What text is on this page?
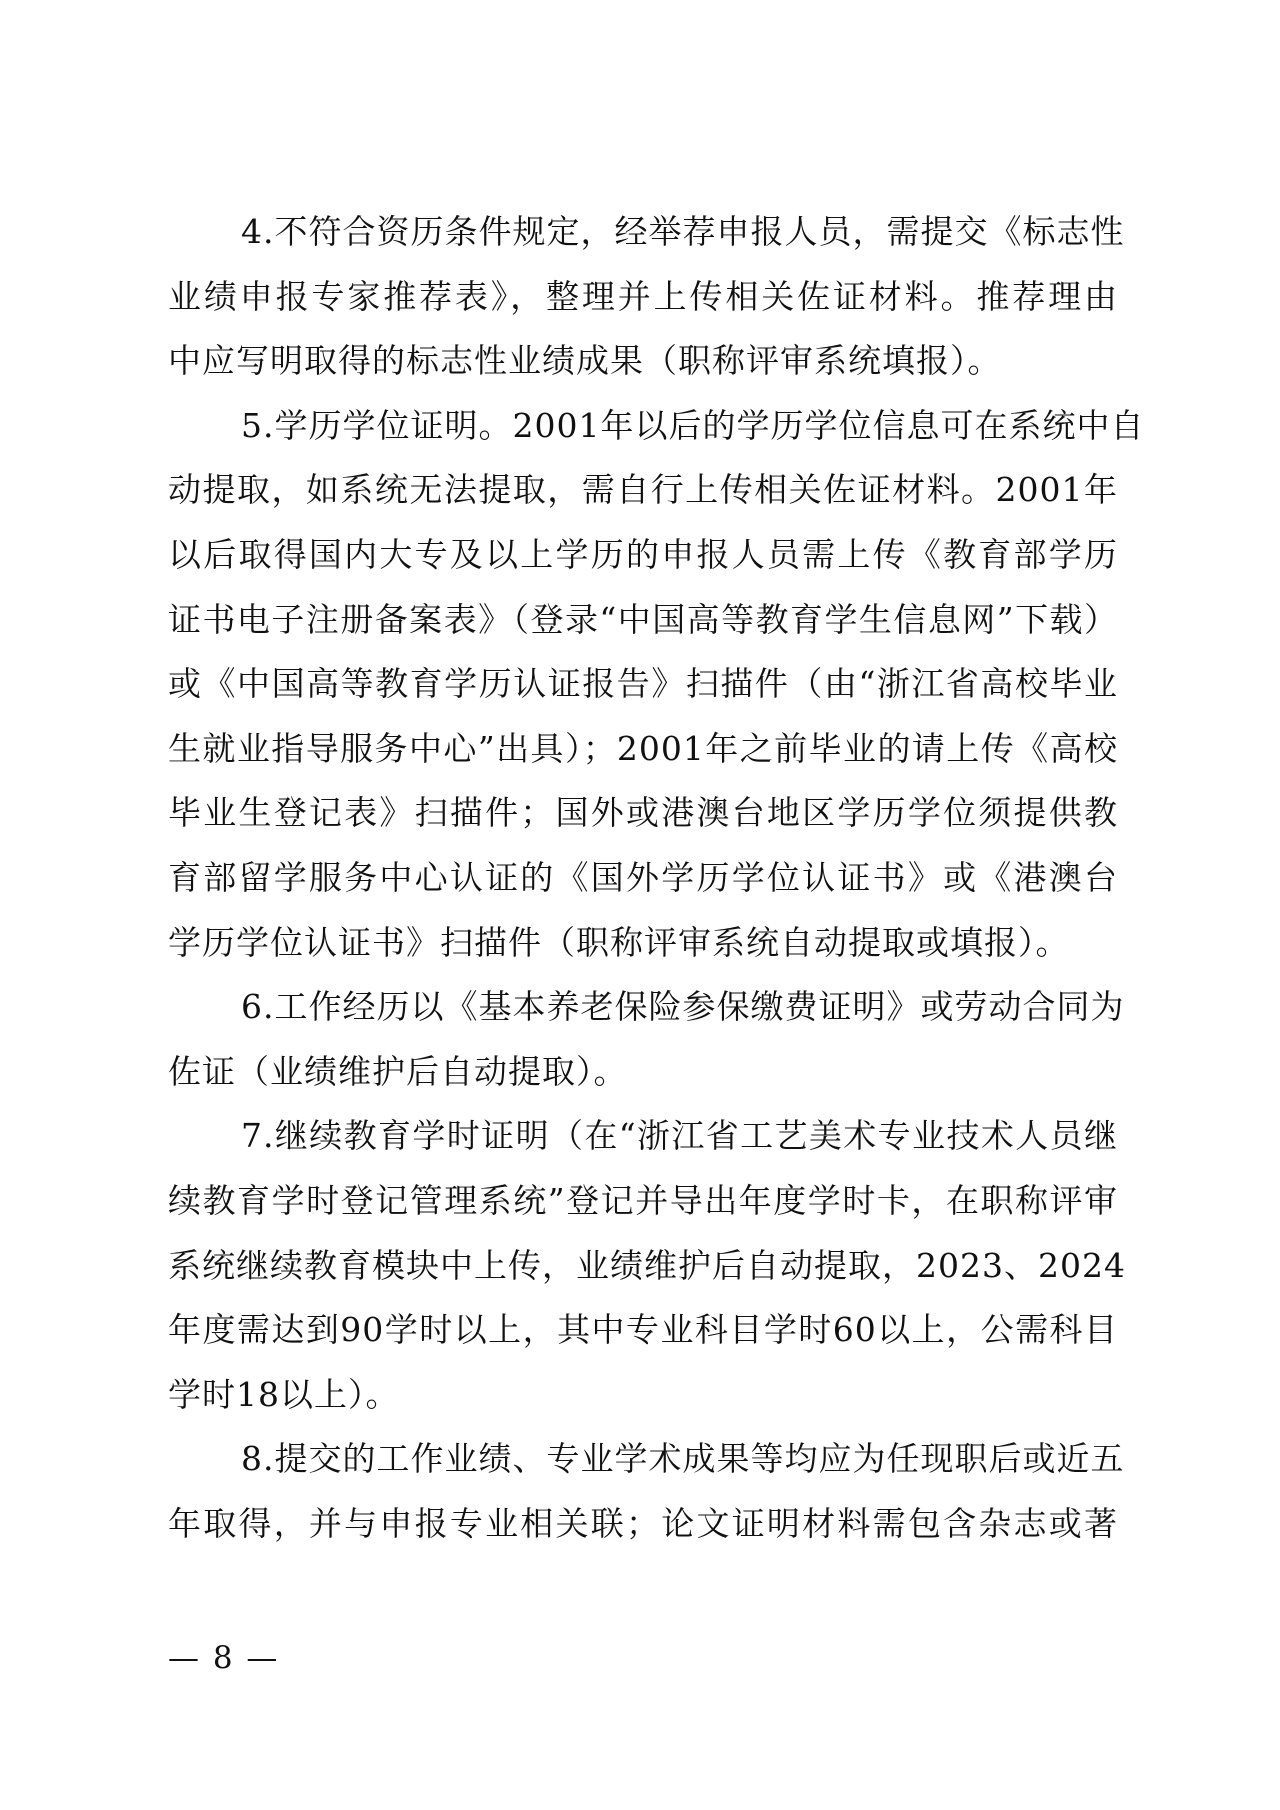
4.不符合资历条件规定，经举荐申报人员，需提交《标志性
业绩申报专家推荐表》，整理并上传相关佐证材料。推荐理由
中应写明取得的标志性业绩成果（职称评审系统填报）。
5.学历学位证明。2001年以后的学历学位信息可在系统中自
动提取，如系统无法提取，需自行上传相关佐证材料。2001年
以后取得国内大专及以上学历的申报人员需上传《教育部学历
证书电子注册备案表》（登录“中国高等教育学生信息网”下载）
或《中国高等教育学历认证报告》扫描件（由“浙江省高校毕业
生就业指导服务中心”出具）；2001年之前毕业的请上传《高校
毕业生登记表》扫描件；国外或港澳台地区学历学位须提供教
育部留学服务中心认证的《国外学历学位认证书》或《港澳台
学历学位认证书》扫描件（职称评审系统自动提取或填报）。
6.工作经历以《基本养老保险参保缴费证明》或劳动合同为
佐证（业绩维护后自动提取）。
7.继续教育学时证明（在“浙江省工艺美术专业技术人员继
续教育学时登记管理系统”登记并导出年度学时卡，在职称评审
系统继续教育模块中上传，业绩维护后自动提取，2023、2024
年度需达到90学时以上，其中专业科目学时60以上，公需科目
学时18以上）。
8.提交的工作业绩、专业学术成果等均应为任现职后或近五
年取得，并与申报专业相关联；论文证明材料需包含杂志或著
— 8 —
